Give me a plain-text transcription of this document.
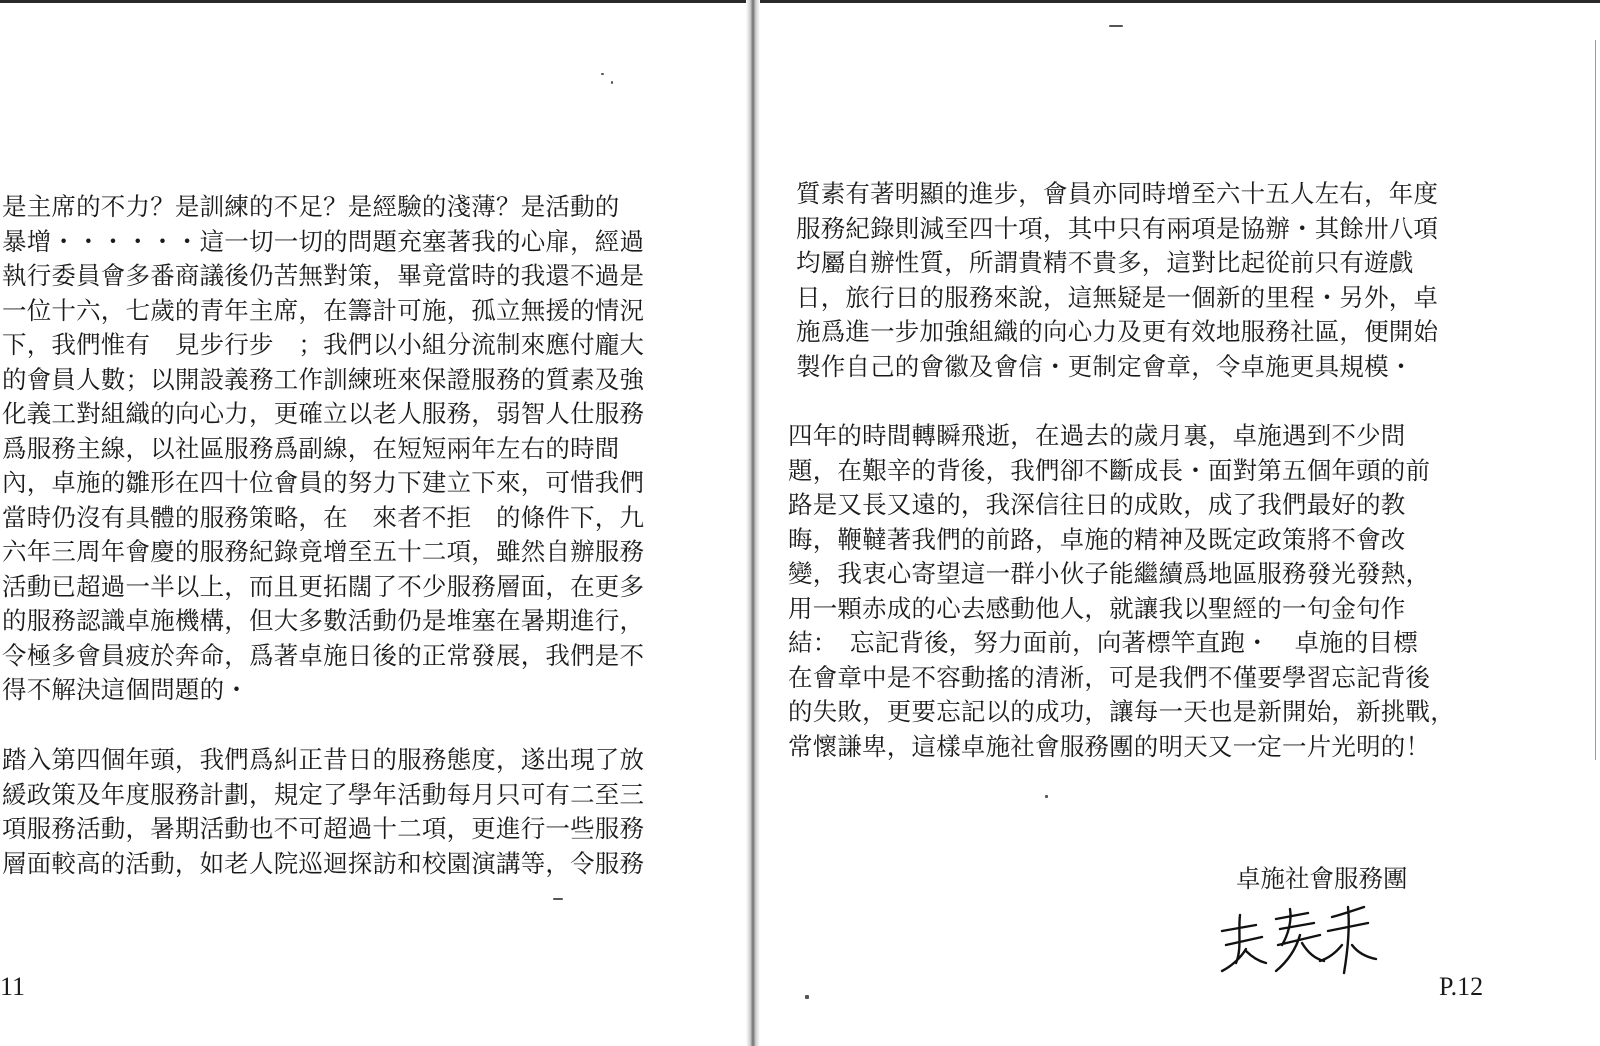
是主席的不力？是訓練的不足？是經驗的淺薄？是活動的
暴增・・・・・・這一切一切的問題充塞著我的心扉，經過
執行委員會多番商議後仍苦無對策，畢竟當時的我還不過是
一位十六，七歲的青年主席，在籌計可施，孤立無援的情況
下，我們惟有　見步行步　；我們以小組分流制來應付龐大
的會員人數；以開設義務工作訓練班來保證服務的質素及強
化義工對組織的向心力，更確立以老人服務，弱智人仕服務
爲服務主線，以社區服務爲副線，在短短兩年左右的時間
內，卓施的雛形在四十位會員的努力下建立下來，可惜我們
當時仍沒有具體的服務策略，在　來者不拒　的條件下，九
六年三周年會慶的服務紀錄竟增至五十二項，雖然自辦服務
活動已超過一半以上，而且更拓闊了不少服務層面，在更多
的服務認識卓施機構，但大多數活動仍是堆塞在暑期進行，
令極多會員疲於奔命，爲著卓施日後的正常發展，我們是不
得不解決這個問題的・
踏入第四個年頭，我們爲糾正昔日的服務態度，遂出現了放
緩政策及年度服務計劃，規定了學年活動每月只可有二至三
項服務活動，暑期活動也不可超過十二項，更進行一些服務
層面較高的活動，如老人院巡迴探訪和校園演講等，令服務
11
質素有著明顯的進步，會員亦同時增至六十五人左右，年度
服務紀錄則減至四十項，其中只有兩項是協辦・其餘卅八項
均屬自辦性質，所謂貴精不貴多，這對比起從前只有遊戲
日，旅行日的服務來說，這無疑是一個新的里程・另外，卓
施爲進一步加強組織的向心力及更有效地服務社區，便開始
製作自己的會徽及會信・更制定會章，令卓施更具規模・
四年的時間轉瞬飛逝，在過去的歲月裏，卓施遇到不少問
題，在艱辛的背後，我們卻不斷成長・面對第五個年頭的前
路是又長又遠的，我深信往日的成敗，成了我們最好的教
晦，鞭韃著我們的前路，卓施的精神及既定政策將不會改
變，我衷心寄望這一群小伙子能繼續爲地區服務發光發熱，
用一顆赤成的心去感動他人，就讓我以聖經的一句金句作
結：　忘記背後，努力面前，向著標竿直跑・　卓施的目標
在會章中是不容動搖的清淅，可是我們不僅要學習忘記背後
的失敗，更要忘記以的成功，讓每一天也是新開始，新挑戰，
常懷謙卑，這樣卓施社會服務團的明天又一定一片光明的！
卓施社會服務團
P.12
